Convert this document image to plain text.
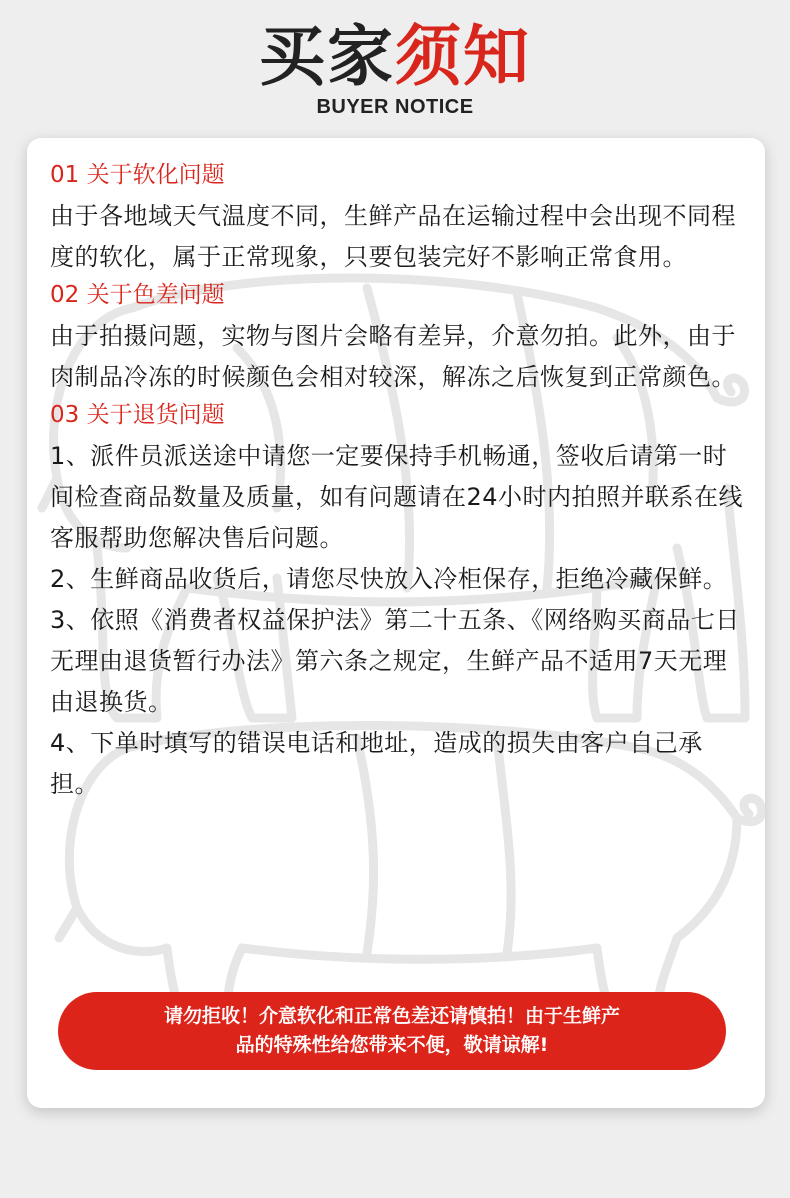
买家须知
BUYER NOTICE
01 关于软化问题

由于各地域天气温度不同，生鲜产品在运输过程中会出现不同程度的软化，属于正常现象，只要包装完好不影响正常食用。

02 关于色差问题

由于拍摄问题，实物与图片会略有差异，介意勿拍。此外，由于肉制品冷冻的时候颜色会相对较深，解冻之后恢复到正常颜色。

03 关于退货问题

1、派件员派送途中请您一定要保持手机畅通，签收后请第一时间检查商品数量及质量，如有问题请在24小时内拍照并联系在线客服帮助您解决售后问题。

2、生鲜商品收货后，请您尽快放入冷柜保存，拒绝冷藏保鲜。

3、依照《消费者权益保护法》第二十五条、《网络购买商品七日无理由退货暂行办法》第六条之规定，生鲜产品不适用7天无理由退换货。

4、下单时填写的错误电话和地址，造成的损失由客户自己承担。

请勿拒收！介意软化和正常色差还请慎拍！由于生鲜产
品的特殊性给您带来不便，敬请谅解!
